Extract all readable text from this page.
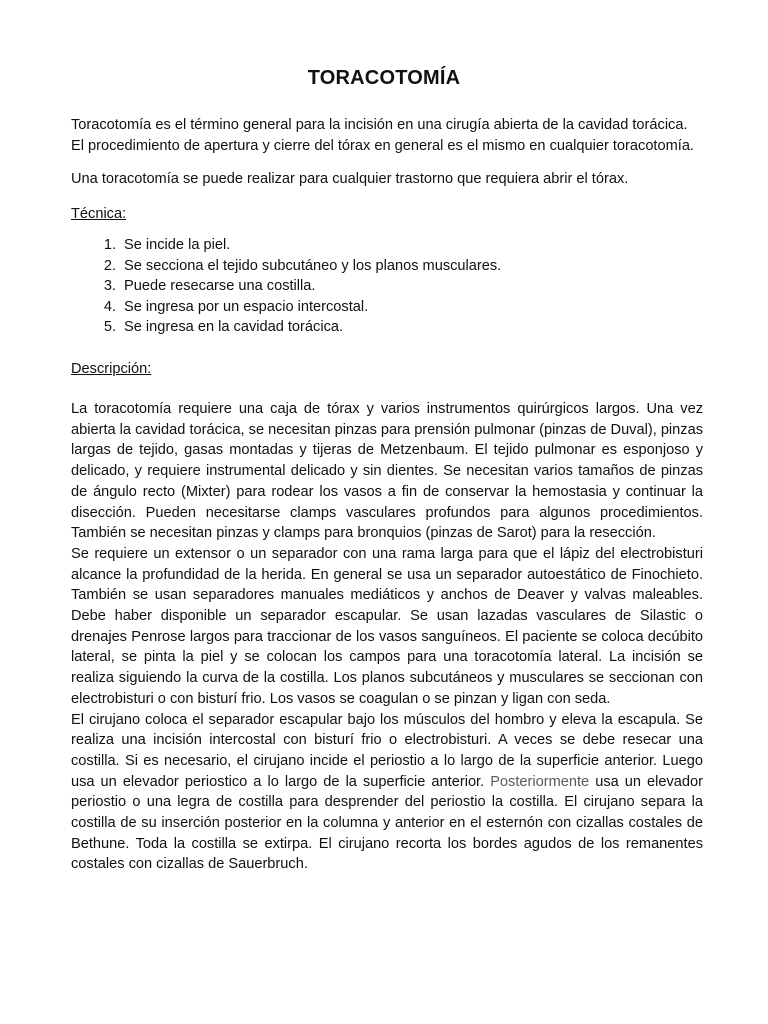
TORACOTOMÍA
Toracotomía es el término general para la incisión en una cirugía abierta de la cavidad torácica. El procedimiento de apertura y cierre del tórax en general es el mismo en cualquier toracotomía.
Una toracotomía se puede realizar para cualquier trastorno que requiera abrir el tórax.
Técnica:
1. Se incide la piel.
2. Se secciona el tejido subcutáneo y los planos musculares.
3. Puede resecarse una costilla.
4. Se ingresa por un espacio intercostal.
5. Se ingresa en la cavidad torácica.
Descripción:

La toracotomía requiere una caja de tórax y varios instrumentos quirúrgicos largos. Una vez abierta la cavidad torácica, se necesitan pinzas para prensión pulmonar (pinzas de Duval), pinzas largas de tejido, gasas montadas y tijeras de Metzenbaum. El tejido pulmonar es esponjoso y delicado, y requiere instrumental delicado y sin dientes. Se necesitan varios tamaños de pinzas de ángulo recto (Mixter) para rodear los vasos a fin de conservar la hemostasia y continuar la disección. Pueden necesitarse clamps vasculares profundos para algunos procedimientos. También se necesitan pinzas y clamps para bronquios (pinzas de Sarot) para la resección.

Se requiere un extensor o un separador con una rama larga para que el lápiz del electrobisturi alcance la profundidad de la herida. En general se usa un separador autoestático de Finochieto. También se usan separadores manuales mediáticos y anchos de Deaver y valvas maleables. Debe haber disponible un separador escapular. Se usan lazadas vasculares de Silastic o drenajes Penrose largos para traccionar de los vasos sanguíneos. El paciente se coloca decúbito lateral, se pinta la piel y se colocan los campos para una toracotomía lateral. La incisión se realiza siguiendo la curva de la costilla. Los planos subcutáneos y musculares se seccionan con electrobisturi o con bisturí frio. Los vasos se coagulan o se pinzan y ligan con seda.

El cirujano coloca el separador escapular bajo los músculos del hombro y eleva la escapula. Se realiza una incisión intercostal con bisturí frio o electrobisturi. A veces se debe resecar una costilla. Si es necesario, el cirujano incide el periostio a lo largo de la superficie anterior. Luego usa un elevador periostico a lo largo de la superficie anterior. Posteriormente usa un elevador periostio o una legra de costilla para desprender del periostio la costilla. El cirujano separa la costilla de su inserción posterior en la columna y anterior en el esternón con cizallas costales de Bethune. Toda la costilla se extirpa. El cirujano recorta los bordes agudos de los remanentes costales con cizallas de Sauerbruch.
